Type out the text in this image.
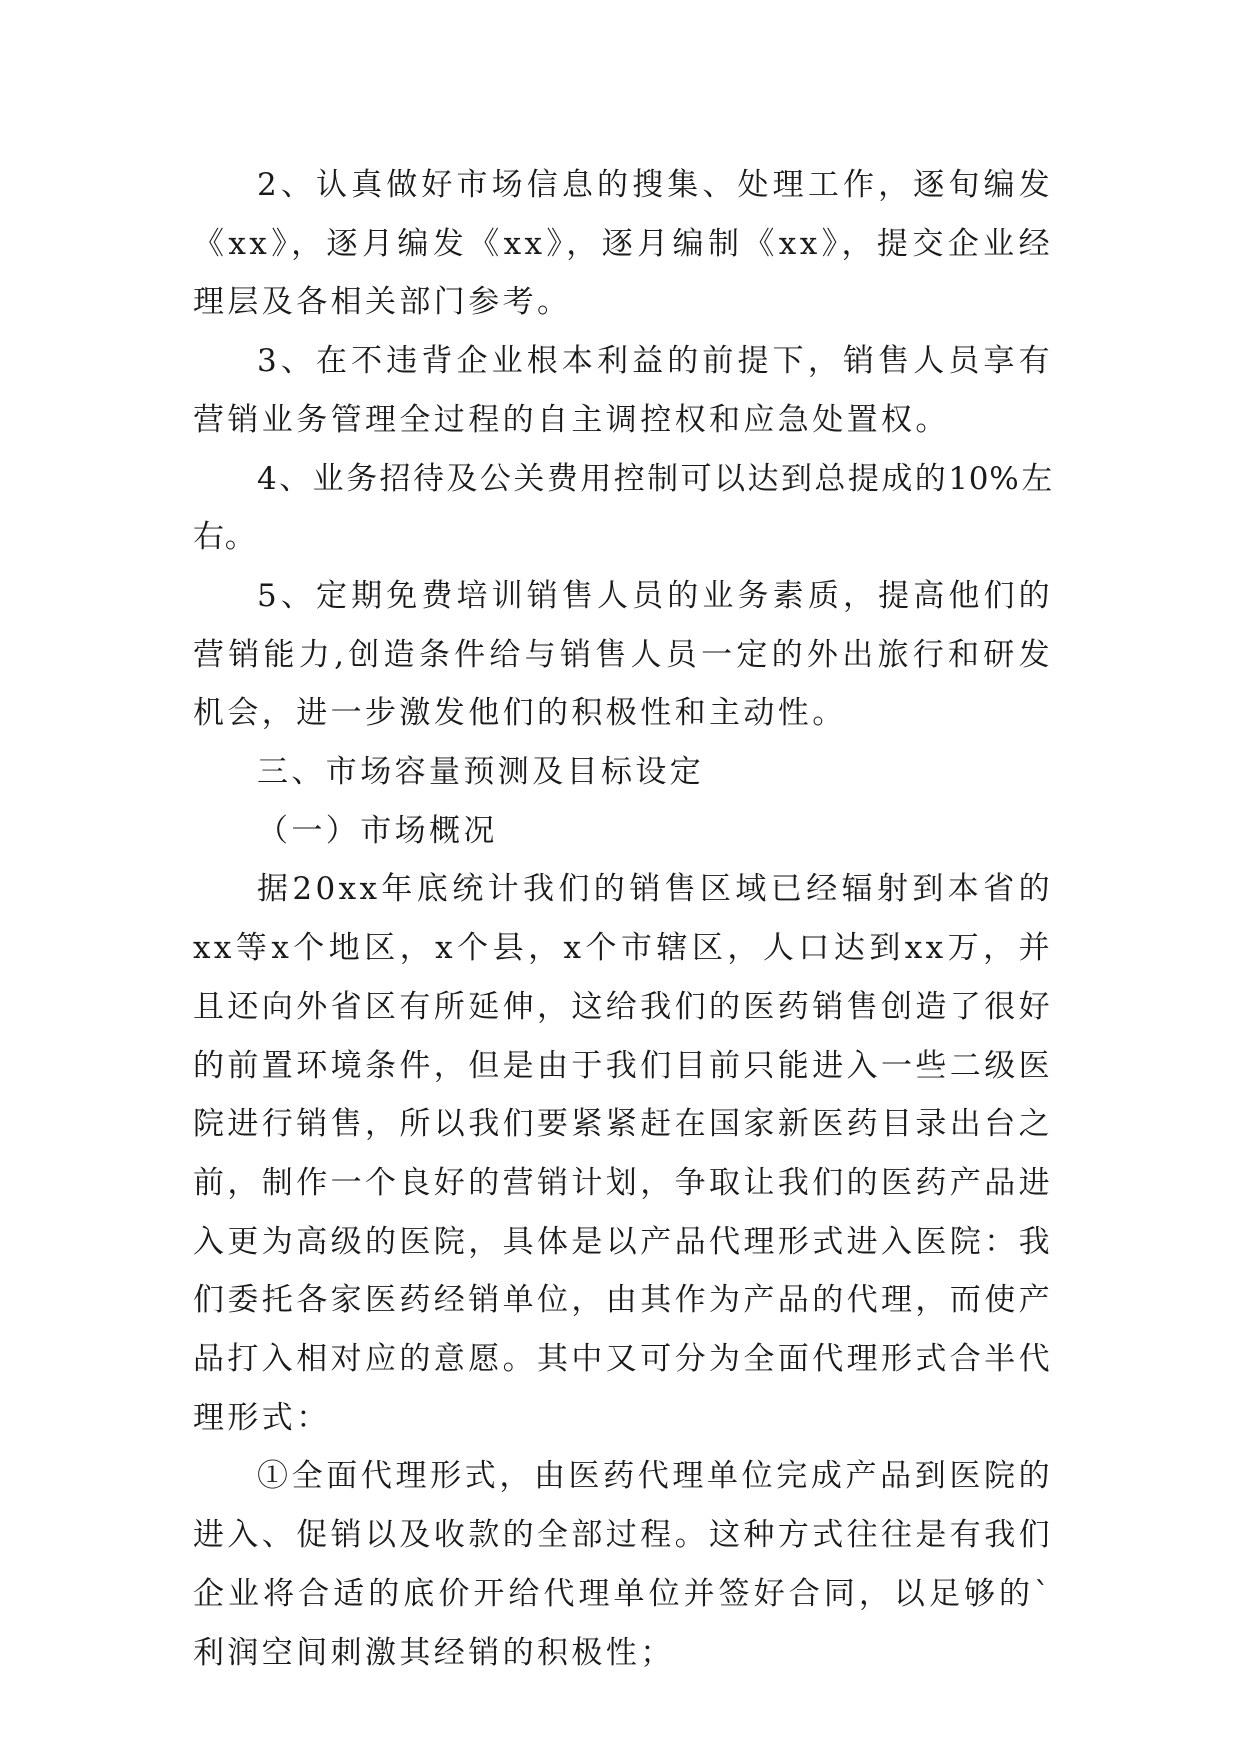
2、认真做好市场信息的搜集、处理工作，逐旬编发《xx》，逐月编发《xx》，逐月编制《xx》，提交企业经理层及各相关部门参考。

3、在不违背企业根本利益的前提下，销售人员享有营销业务管理全过程的自主调控权和应急处置权。

4、业务招待及公关费用控制可以达到总提成的10%左右。

5、定期免费培训销售人员的业务素质，提高他们的营销能力,创造条件给与销售人员一定的外出旅行和研发机会，进一步激发他们的积极性和主动性。

三、市场容量预测及目标设定

（一）市场概况

据20xx年底统计我们的销售区域已经辐射到本省的xx等x个地区，x个县，x个市辖区，人口达到xx万，并且还向外省区有所延伸，这给我们的医药销售创造了很好的前置环境条件，但是由于我们目前只能进入一些二级医院进行销售，所以我们要紧紧赶在国家新医药目录出台之前，制作一个良好的营销计划，争取让我们的医药产品进入更为高级的医院，具体是以产品代理形式进入医院：我们委托各家医药经销单位，由其作为产品的代理，而使产品打入相对应的意愿。其中又可分为全面代理形式合半代理形式：

①全面代理形式，由医药代理单位完成产品到医院的进入、促销以及收款的全部过程。这种方式往往是有我们企业将合适的底价开给代理单位并签好合同，以足够的`利润空间刺激其经销的积极性；
